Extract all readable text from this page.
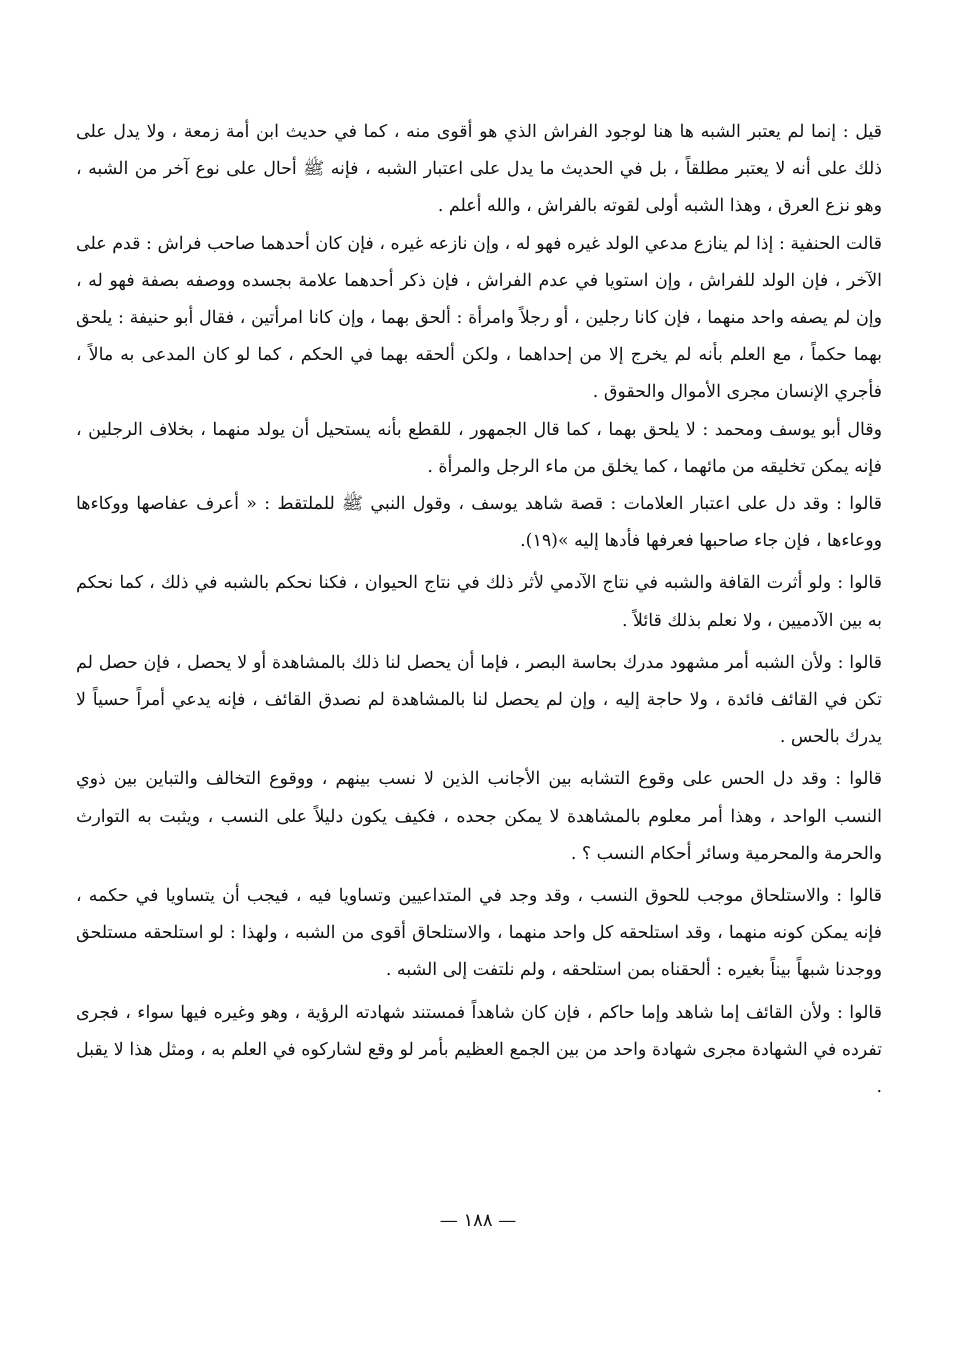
قيل : إنما لم يعتبر الشبه ها هنا لوجود الفراش الذي هو أقوى منه ، كما في حديث ابن أمة زمعة ، ولا يدل على ذلك على أنه لا يعتبر مطلقاً ، بل في الحديث ما يدل على اعتبار الشبه ، فإنه ﷺ أحال على نوع آخر من الشبه ، وهو نزع العرق ، وهذا الشبه أولى لقوته بالفراش ، والله أعلم .

قالت الحنفية : إذا لم ينازع مدعي الولد غيره فهو له ، وإن نازعه غيره ، فإن كان أحدهما صاحب فراش : قدم على الآخر ، فإن الولد للفراش ، وإن استويا في عدم الفراش ، فإن ذكر أحدهما علامة بجسده ووصفه بصفة فهو له ، وإن لم يصفه واحد منهما ، فإن كانا رجلين ، أو رجلاً وامرأة : ألحق بهما ، وإن كانا امرأتين ، فقال أبو حنيفة : يلحق بهما حكماً ، مع العلم بأنه لم يخرج إلا من إحداهما ، ولكن ألحقه بهما في الحكم ، كما لو كان المدعى به مالاً ، فأجري الإنسان مجرى الأموال والحقوق .

وقال أبو يوسف ومحمد : لا يلحق بهما ، كما قال الجمهور ، للقطع بأنه يستحيل أن يولد منهما ، بخلاف الرجلين ، فإنه يمكن تخليقه من مائهما ، كما يخلق من ماء الرجل والمرأة .

قالوا : وقد دل على اعتبار العلامات : قصة شاهد يوسف ، وقول النبي ﷺ للملتقط : « أعرف عفاصها ووكاءها ووعاءها ، فإن جاء صاحبها فعرفها فأدها إليه »(١٩).

قالوا : ولو أثرت القافة والشبه في نتاج الآدمي لأثر ذلك في نتاج الحيوان ، فكنا نحكم بالشبه في ذلك ، كما نحكم به بين الآدميين ، ولا نعلم بذلك قائلاً .

قالوا : ولأن الشبه أمر مشهود مدرك بحاسة البصر ، فإما أن يحصل لنا ذلك بالمشاهدة أو لا يحصل ، فإن حصل لم تكن في القائف فائدة ، ولا حاجة إليه ، وإن لم يحصل لنا بالمشاهدة لم نصدق القائف ، فإنه يدعي أمراً حسياً لا يدرك بالحس .

قالوا : وقد دل الحس على وقوع التشابه بين الأجانب الذين لا نسب بينهم ، ووقوع التخالف والتباين بين ذوي النسب الواحد ، وهذا أمر معلوم بالمشاهدة لا يمكن جحده ، فكيف يكون دليلاً على النسب ، ويثبت به التوارث والحرمة والمحرمية وسائر أحكام النسب ؟ .

قالوا : والاستلحاق موجب للحوق النسب ، وقد وجد في المتداعيين وتساويا فيه ، فيجب أن يتساويا في حكمه ، فإنه يمكن كونه منهما ، وقد استلحقه كل واحد منهما ، والاستلحاق أقوى من الشبه ، ولهذا : لو استلحقه مستلحق ووجدنا شبهاً بيناً بغيره : ألحقناه بمن استلحقه ، ولم نلتفت إلى الشبه .

قالوا : ولأن القائف إما شاهد وإما حاكم ، فإن كان شاهداً فمستند شهادته الرؤية ، وهو وغيره فيها سواء ، فجرى تفرده في الشهادة مجرى شهادة واحد من بين الجمع العظيم بأمر لو وقع لشاركوه في العلم به ، ومثل هذا لا يقبل .

— ١٨٨ —
